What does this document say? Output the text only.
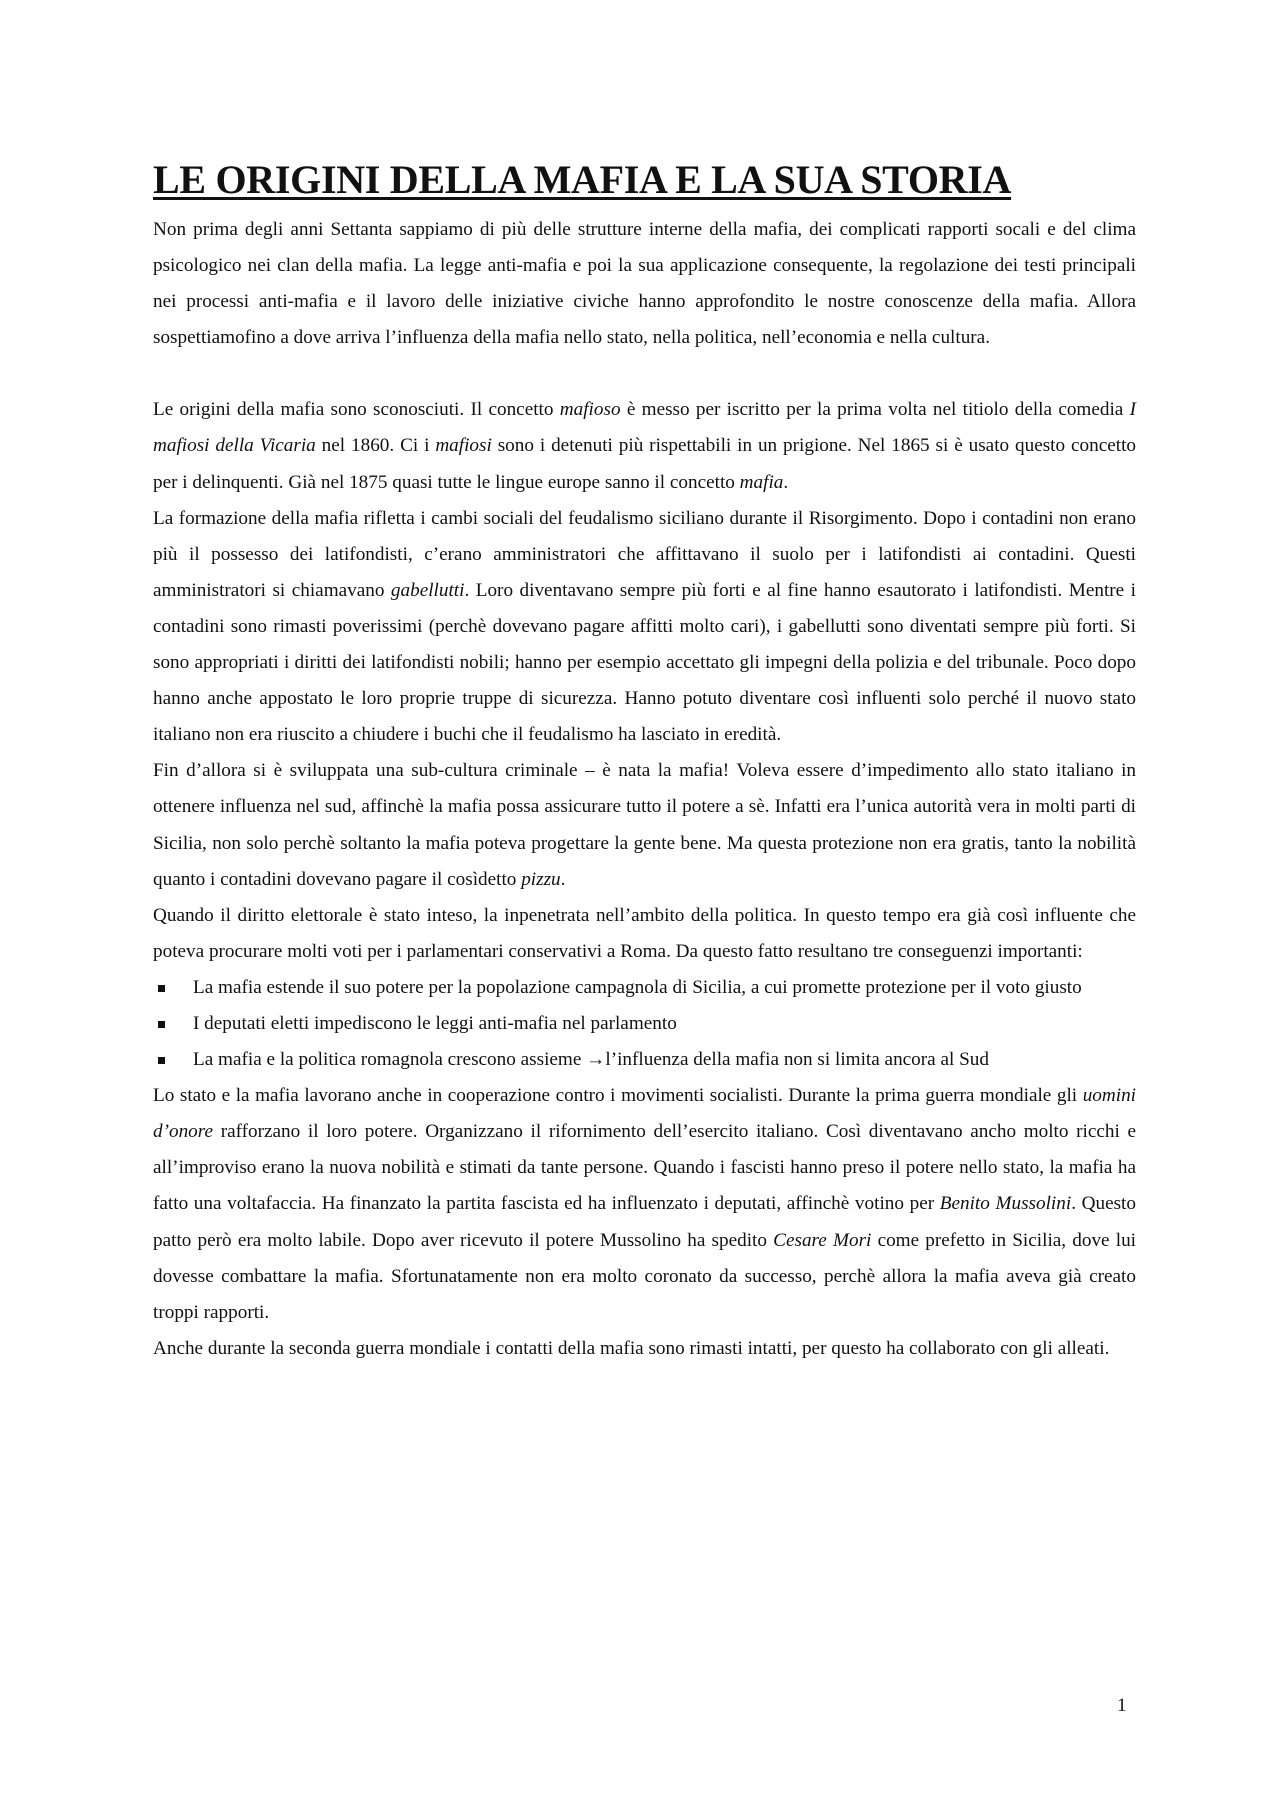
LE ORIGINI DELLA MAFIA E LA SUA STORIA

Non prima degli anni Settanta sappiamo di più delle strutture interne della mafia, dei complicati rapporti socali e del clima psicologico nei clan della mafia. La legge anti-mafia e poi la sua applicazione consequente, la regolazione dei testi principali nei processi anti-mafia e il lavoro delle iniziative civiche hanno approfondito le nostre conoscenze della mafia. Allora sospettiamofino a dove arriva l’influenza della mafia nello stato, nella politica, nell’economia e nella cultura.

Le origini della mafia sono sconosciuti. Il concetto mafioso è messo per iscritto per la prima volta nel titiolo della comedia I mafiosi della Vicaria nel 1860. Ci i mafiosi sono i detenuti più rispettabili in un prigione. Nel 1865 si è usato questo concetto per i delinquenti. Già nel 1875 quasi tutte le lingue europe sanno il concetto mafia.

La formazione della mafia rifletta i cambi sociali del feudalismo siciliano durante il Risorgimento. Dopo i contadini non erano più il possesso dei latifondisti, c’erano amministratori che affittavano il suolo per i latifondisti ai contadini. Questi amministratori si chiamavano gabellutti. Loro diventavano sempre più forti e al fine hanno esautorato i latifondisti. Mentre i contadini sono rimasti poverissimi (perchè dovevano pagare affitti molto cari), i gabellutti sono diventati sempre più forti. Si sono appropriati i diritti dei latifondisti nobili; hanno per esempio accettato gli impegni della polizia e del tribunale. Poco dopo hanno anche appostato le loro proprie truppe di sicurezza. Hanno potuto diventare così influenti solo perché il nuovo stato italiano non era riuscito a chiudere i buchi che il feudalismo ha lasciato in eredità.

Fin d’allora si è sviluppata una sub-cultura criminale – è nata la mafia! Voleva essere d’impedimento allo stato italiano in ottenere influenza nel sud, affinchè la mafia possa assicurare tutto il potere a sè. Infatti era l’unica autorità vera in molti parti di Sicilia, non solo perchè soltanto la mafia poteva progettare la gente bene. Ma questa protezione non era gratis, tanto la nobilità quanto i contadini dovevano pagare il cosìdetto pizzu.

Quando il diritto elettorale è stato inteso, la inpenetrata nell’ambito della politica. In questo tempo era già così influente che poteva procurare molti voti per i parlamentari conservativi a Roma. Da questo fatto resultano tre conseguenzi importanti:

La mafia estende il suo potere per la popolazione campagnola di Sicilia, a cui promette protezione per il voto giusto
I deputati eletti impediscono le leggi anti-mafia nel parlamento
La mafia e la politica romagnola crescono assieme →l’influenza della mafia non si limita ancora al Sud

Lo stato e la mafia lavorano anche in cooperazione contro i movimenti socialisti. Durante la prima guerra mondiale gli uomini d’onore rafforzano il loro potere. Organizzano il rifornimento dell’esercito italiano. Così diventavano ancho molto ricchi e all’improviso erano la nuova nobilità e stimati da tante persone. Quando i fascisti hanno preso il potere nello stato, la mafia ha fatto una voltafaccia. Ha finanzato la partita fascista ed ha influenzato i deputati, affinchè votino per Benito Mussolini. Questo patto però era molto labile. Dopo aver ricevuto il potere Mussolino ha spedito Cesare Mori come prefetto in Sicilia, dove lui dovesse combattare la mafia. Sfortunatamente non era molto coronato da successo, perchè allora la mafia aveva già creato troppi rapporti.

Anche durante la seconda guerra mondiale i contatti della mafia sono rimasti intatti, per questo ha collaborato con gli alleati.

1
